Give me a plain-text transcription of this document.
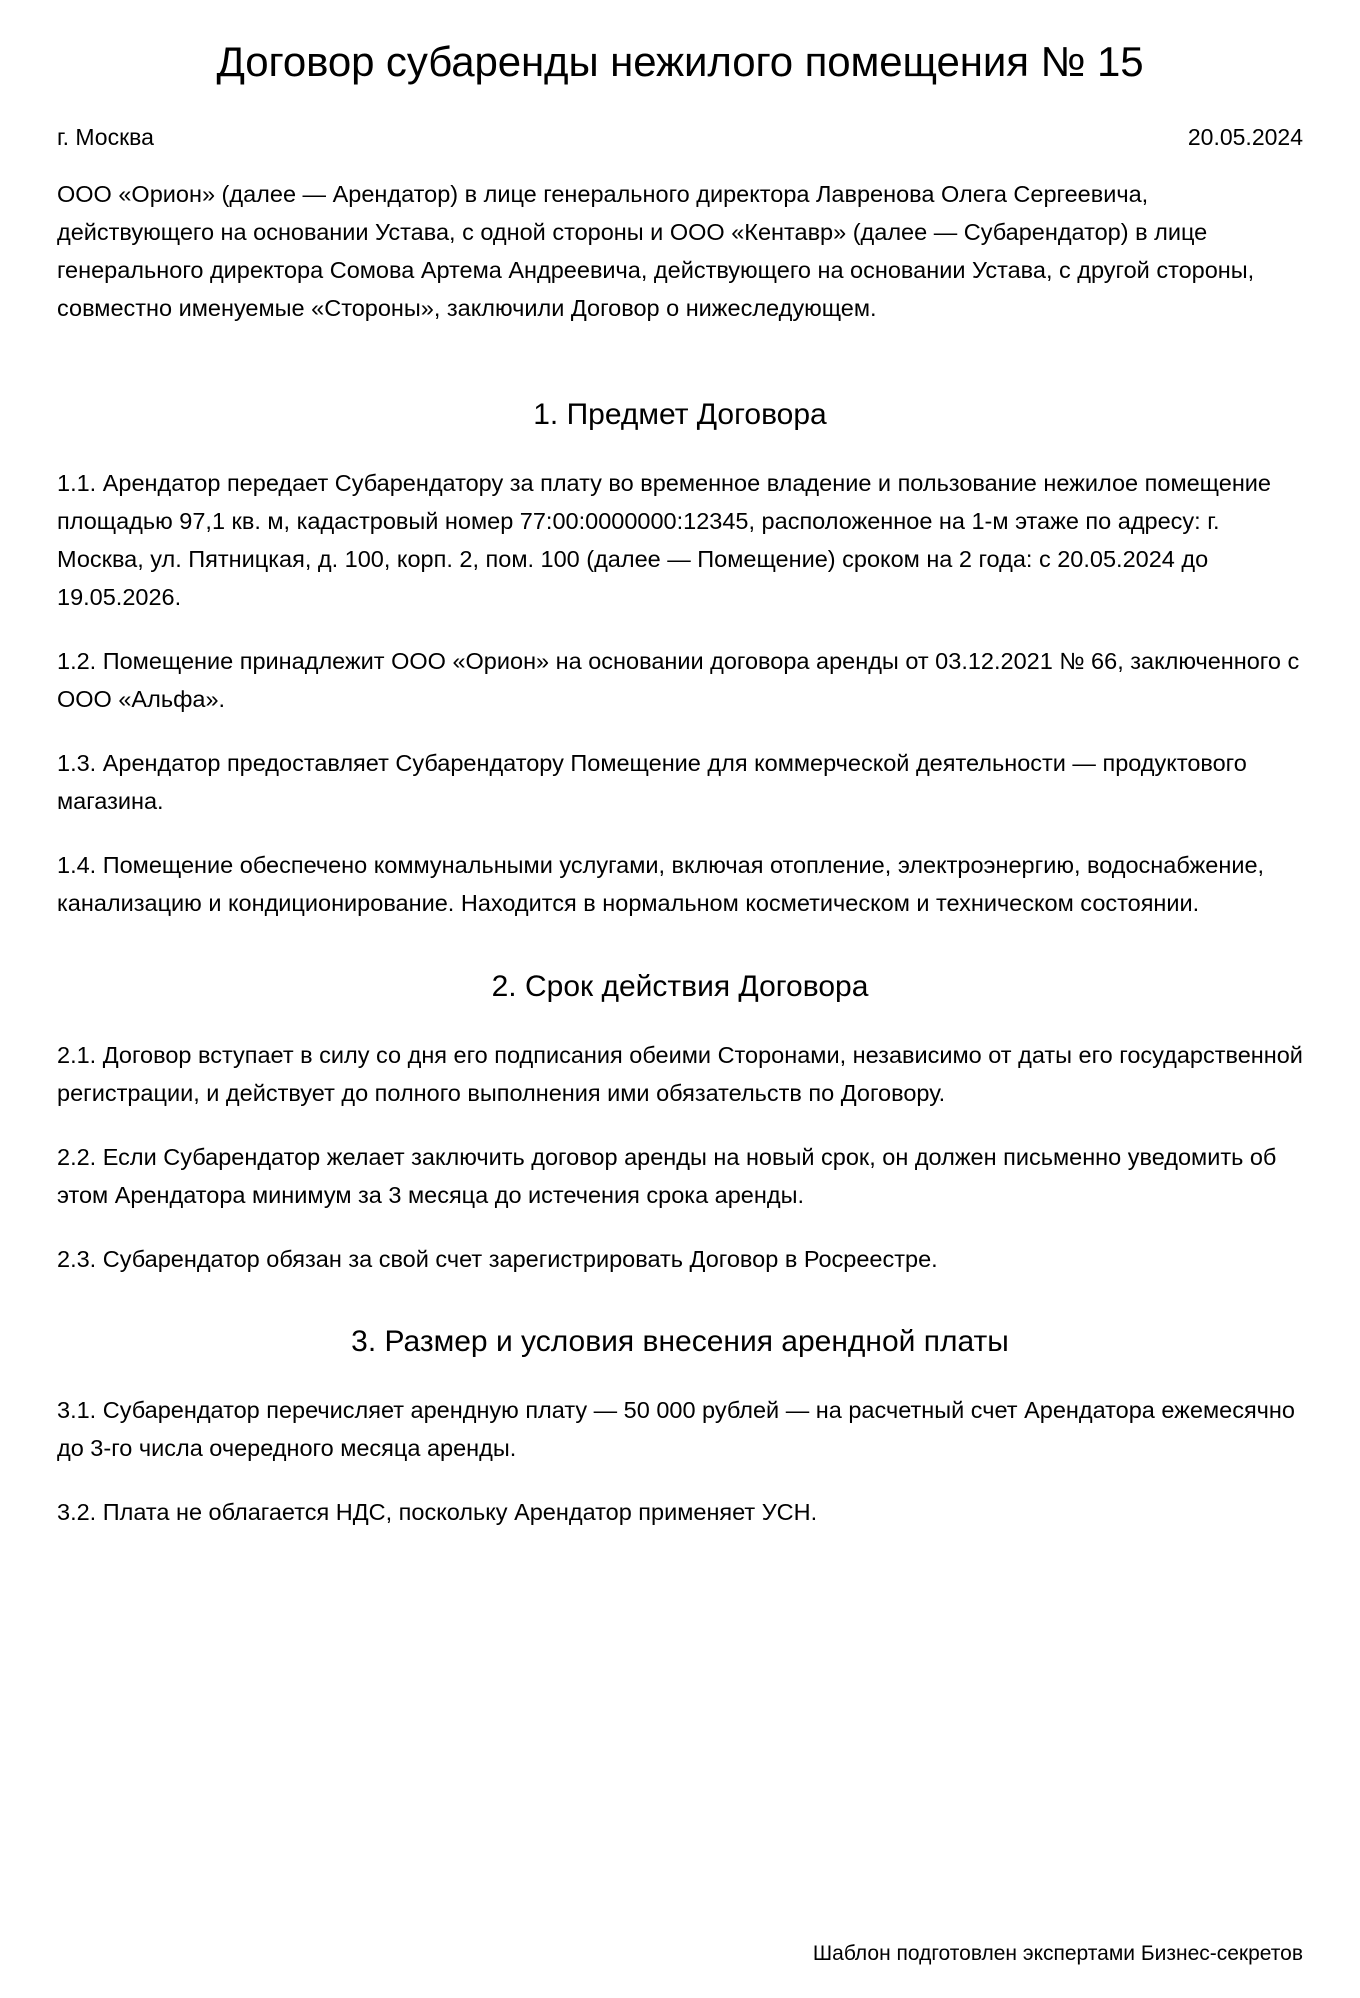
Договор субаренды нежилого помещения № 15
г. Москва	20.05.2024

ООО «Орион» (далее — Арендатор) в лице генерального директора Лавренова Олега Сергеевича, действующего на основании Устава, с одной стороны и ООО «Кентавр» (далее — Субарендатор) в лице генерального директора Сомова Артема Андреевича, действующего на основании Устава, с другой стороны, совместно именуемые «Стороны», заключили Договор о нижеследующем.

1. Предмет Договора

1.1. Арендатор передает Субарендатору за плату во временное владение и пользование нежилое помещение площадью 97,1 кв. м, кадастровый номер 77:00:0000000:12345, расположенное на 1-м этаже по адресу: г. Москва, ул. Пятницкая, д. 100, корп. 2, пом. 100 (далее — Помещение) сроком на 2 года: с 20.05.2024 до 19.05.2026.

1.2. Помещение принадлежит ООО «Орион» на основании договора аренды от 03.12.2021 № 66, заключенного с ООО «Альфа».

1.3. Арендатор предоставляет Субарендатору Помещение для коммерческой деятельности — продуктового магазина.

1.4. Помещение обеспечено коммунальными услугами, включая отопление, электроэнергию, водоснабжение, канализацию и кондиционирование. Находится в нормальном косметическом и техническом состоянии.

2. Срок действия Договора

2.1. Договор вступает в силу со дня его подписания обеими Сторонами, независимо от даты его государственной регистрации, и действует до полного выполнения ими обязательств по Договору.

2.2. Если Субарендатор желает заключить договор аренды на новый срок, он должен письменно уведомить об этом Арендатора минимум за 3 месяца до истечения срока аренды.

2.3. Субарендатор обязан за свой счет зарегистрировать Договор в Росреестре.

3. Размер и условия внесения арендной платы

3.1. Субарендатор перечисляет арендную плату — 50 000 рублей — на расчетный счет Арендатора ежемесячно до 3-го числа очередного месяца аренды.

3.2. Плата не облагается НДС, поскольку Арендатор применяет УСН.

Шаблон подготовлен экспертами Бизнес-секретов
